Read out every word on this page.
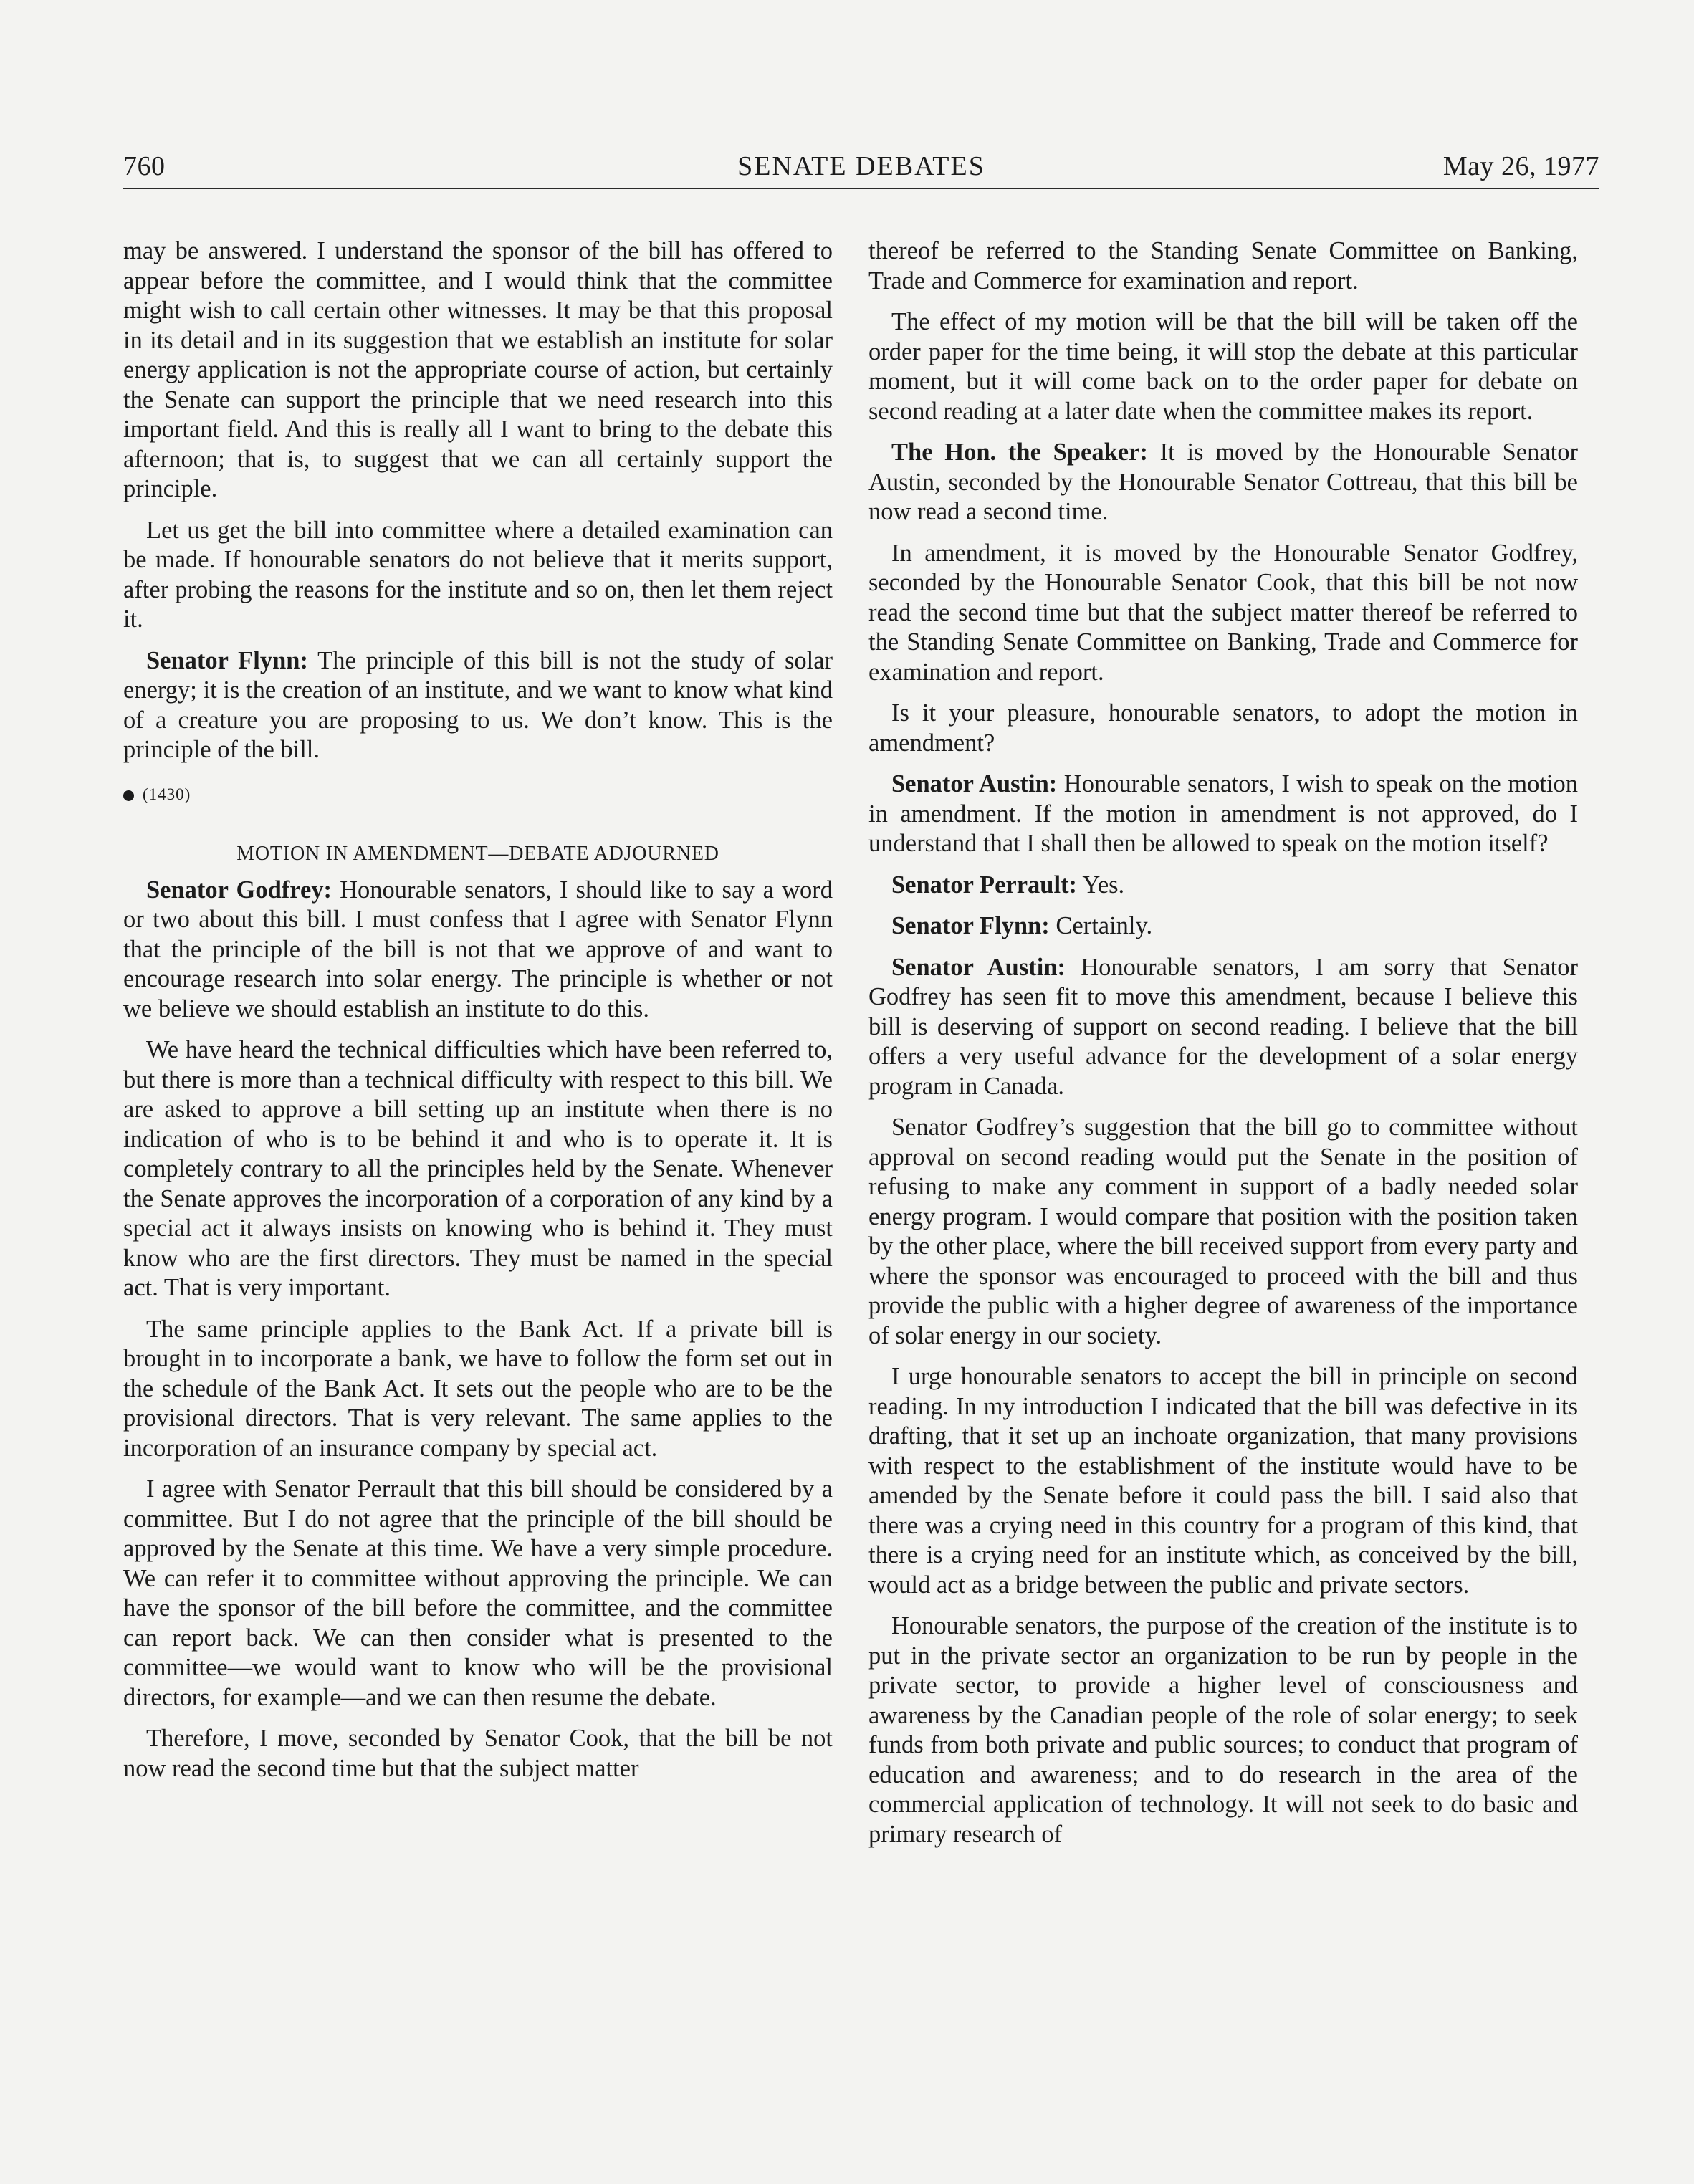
760	SENATE DEBATES	May 26, 1977

may be answered. I understand the sponsor of the bill has offered to appear before the committee, and I would think that the committee might wish to call certain other witnesses. It may be that this proposal in its detail and in its suggestion that we establish an institute for solar energy application is not the appropriate course of action, but certainly the Senate can support the principle that we need research into this important field. And this is really all I want to bring to the debate this afternoon; that is, to suggest that we can all certainly support the principle.

Let us get the bill into committee where a detailed examination can be made. If honourable senators do not believe that it merits support, after probing the reasons for the institute and so on, then let them reject it.

Senator Flynn: The principle of this bill is not the study of solar energy; it is the creation of an institute, and we want to know what kind of a creature you are proposing to us. We don’t know. This is the principle of the bill.

(1430)
MOTION IN AMENDMENT—DEBATE ADJOURNED

Senator Godfrey: Honourable senators, I should like to say a word or two about this bill. I must confess that I agree with Senator Flynn that the principle of the bill is not that we approve of and want to encourage research into solar energy. The principle is whether or not we believe we should establish an institute to do this.

We have heard the technical difficulties which have been referred to, but there is more than a technical difficulty with respect to this bill. We are asked to approve a bill setting up an institute when there is no indication of who is to be behind it and who is to operate it. It is completely contrary to all the principles held by the Senate. Whenever the Senate approves the incorporation of a corporation of any kind by a special act it always insists on knowing who is behind it. They must know who are the first directors. They must be named in the special act. That is very important.

The same principle applies to the Bank Act. If a private bill is brought in to incorporate a bank, we have to follow the form set out in the schedule of the Bank Act. It sets out the people who are to be the provisional directors. That is very relevant. The same applies to the incorporation of an insurance company by special act.

I agree with Senator Perrault that this bill should be considered by a committee. But I do not agree that the principle of the bill should be approved by the Senate at this time. We have a very simple procedure. We can refer it to committee without approving the principle. We can have the sponsor of the bill before the committee, and the committee can report back. We can then consider what is presented to the committee—we would want to know who will be the provisional directors, for example—and we can then resume the debate.

Therefore, I move, seconded by Senator Cook, that the bill be not now read the second time but that the subject matter

thereof be referred to the Standing Senate Committee on Banking, Trade and Commerce for examination and report.

The effect of my motion will be that the bill will be taken off the order paper for the time being, it will stop the debate at this particular moment, but it will come back on to the order paper for debate on second reading at a later date when the committee makes its report.

The Hon. the Speaker: It is moved by the Honourable Senator Austin, seconded by the Honourable Senator Cottreau, that this bill be now read a second time.

In amendment, it is moved by the Honourable Senator Godfrey, seconded by the Honourable Senator Cook, that this bill be not now read the second time but that the subject matter thereof be referred to the Standing Senate Committee on Banking, Trade and Commerce for examination and report.

Is it your pleasure, honourable senators, to adopt the motion in amendment?

Senator Austin: Honourable senators, I wish to speak on the motion in amendment. If the motion in amendment is not approved, do I understand that I shall then be allowed to speak on the motion itself?

Senator Perrault: Yes.

Senator Flynn: Certainly.

Senator Austin: Honourable senators, I am sorry that Senator Godfrey has seen fit to move this amendment, because I believe this bill is deserving of support on second reading. I believe that the bill offers a very useful advance for the development of a solar energy program in Canada.

Senator Godfrey’s suggestion that the bill go to committee without approval on second reading would put the Senate in the position of refusing to make any comment in support of a badly needed solar energy program. I would compare that position with the position taken by the other place, where the bill received support from every party and where the sponsor was encouraged to proceed with the bill and thus provide the public with a higher degree of awareness of the importance of solar energy in our society.

I urge honourable senators to accept the bill in principle on second reading. In my introduction I indicated that the bill was defective in its drafting, that it set up an inchoate organization, that many provisions with respect to the establishment of the institute would have to be amended by the Senate before it could pass the bill. I said also that there was a crying need in this country for a program of this kind, that there is a crying need for an institute which, as conceived by the bill, would act as a bridge between the public and private sectors.

Honourable senators, the purpose of the creation of the institute is to put in the private sector an organization to be run by people in the private sector, to provide a higher level of consciousness and awareness by the Canadian people of the role of solar energy; to seek funds from both private and public sources; to conduct that program of education and awareness; and to do research in the area of the commercial application of technology. It will not seek to do basic and primary research of
